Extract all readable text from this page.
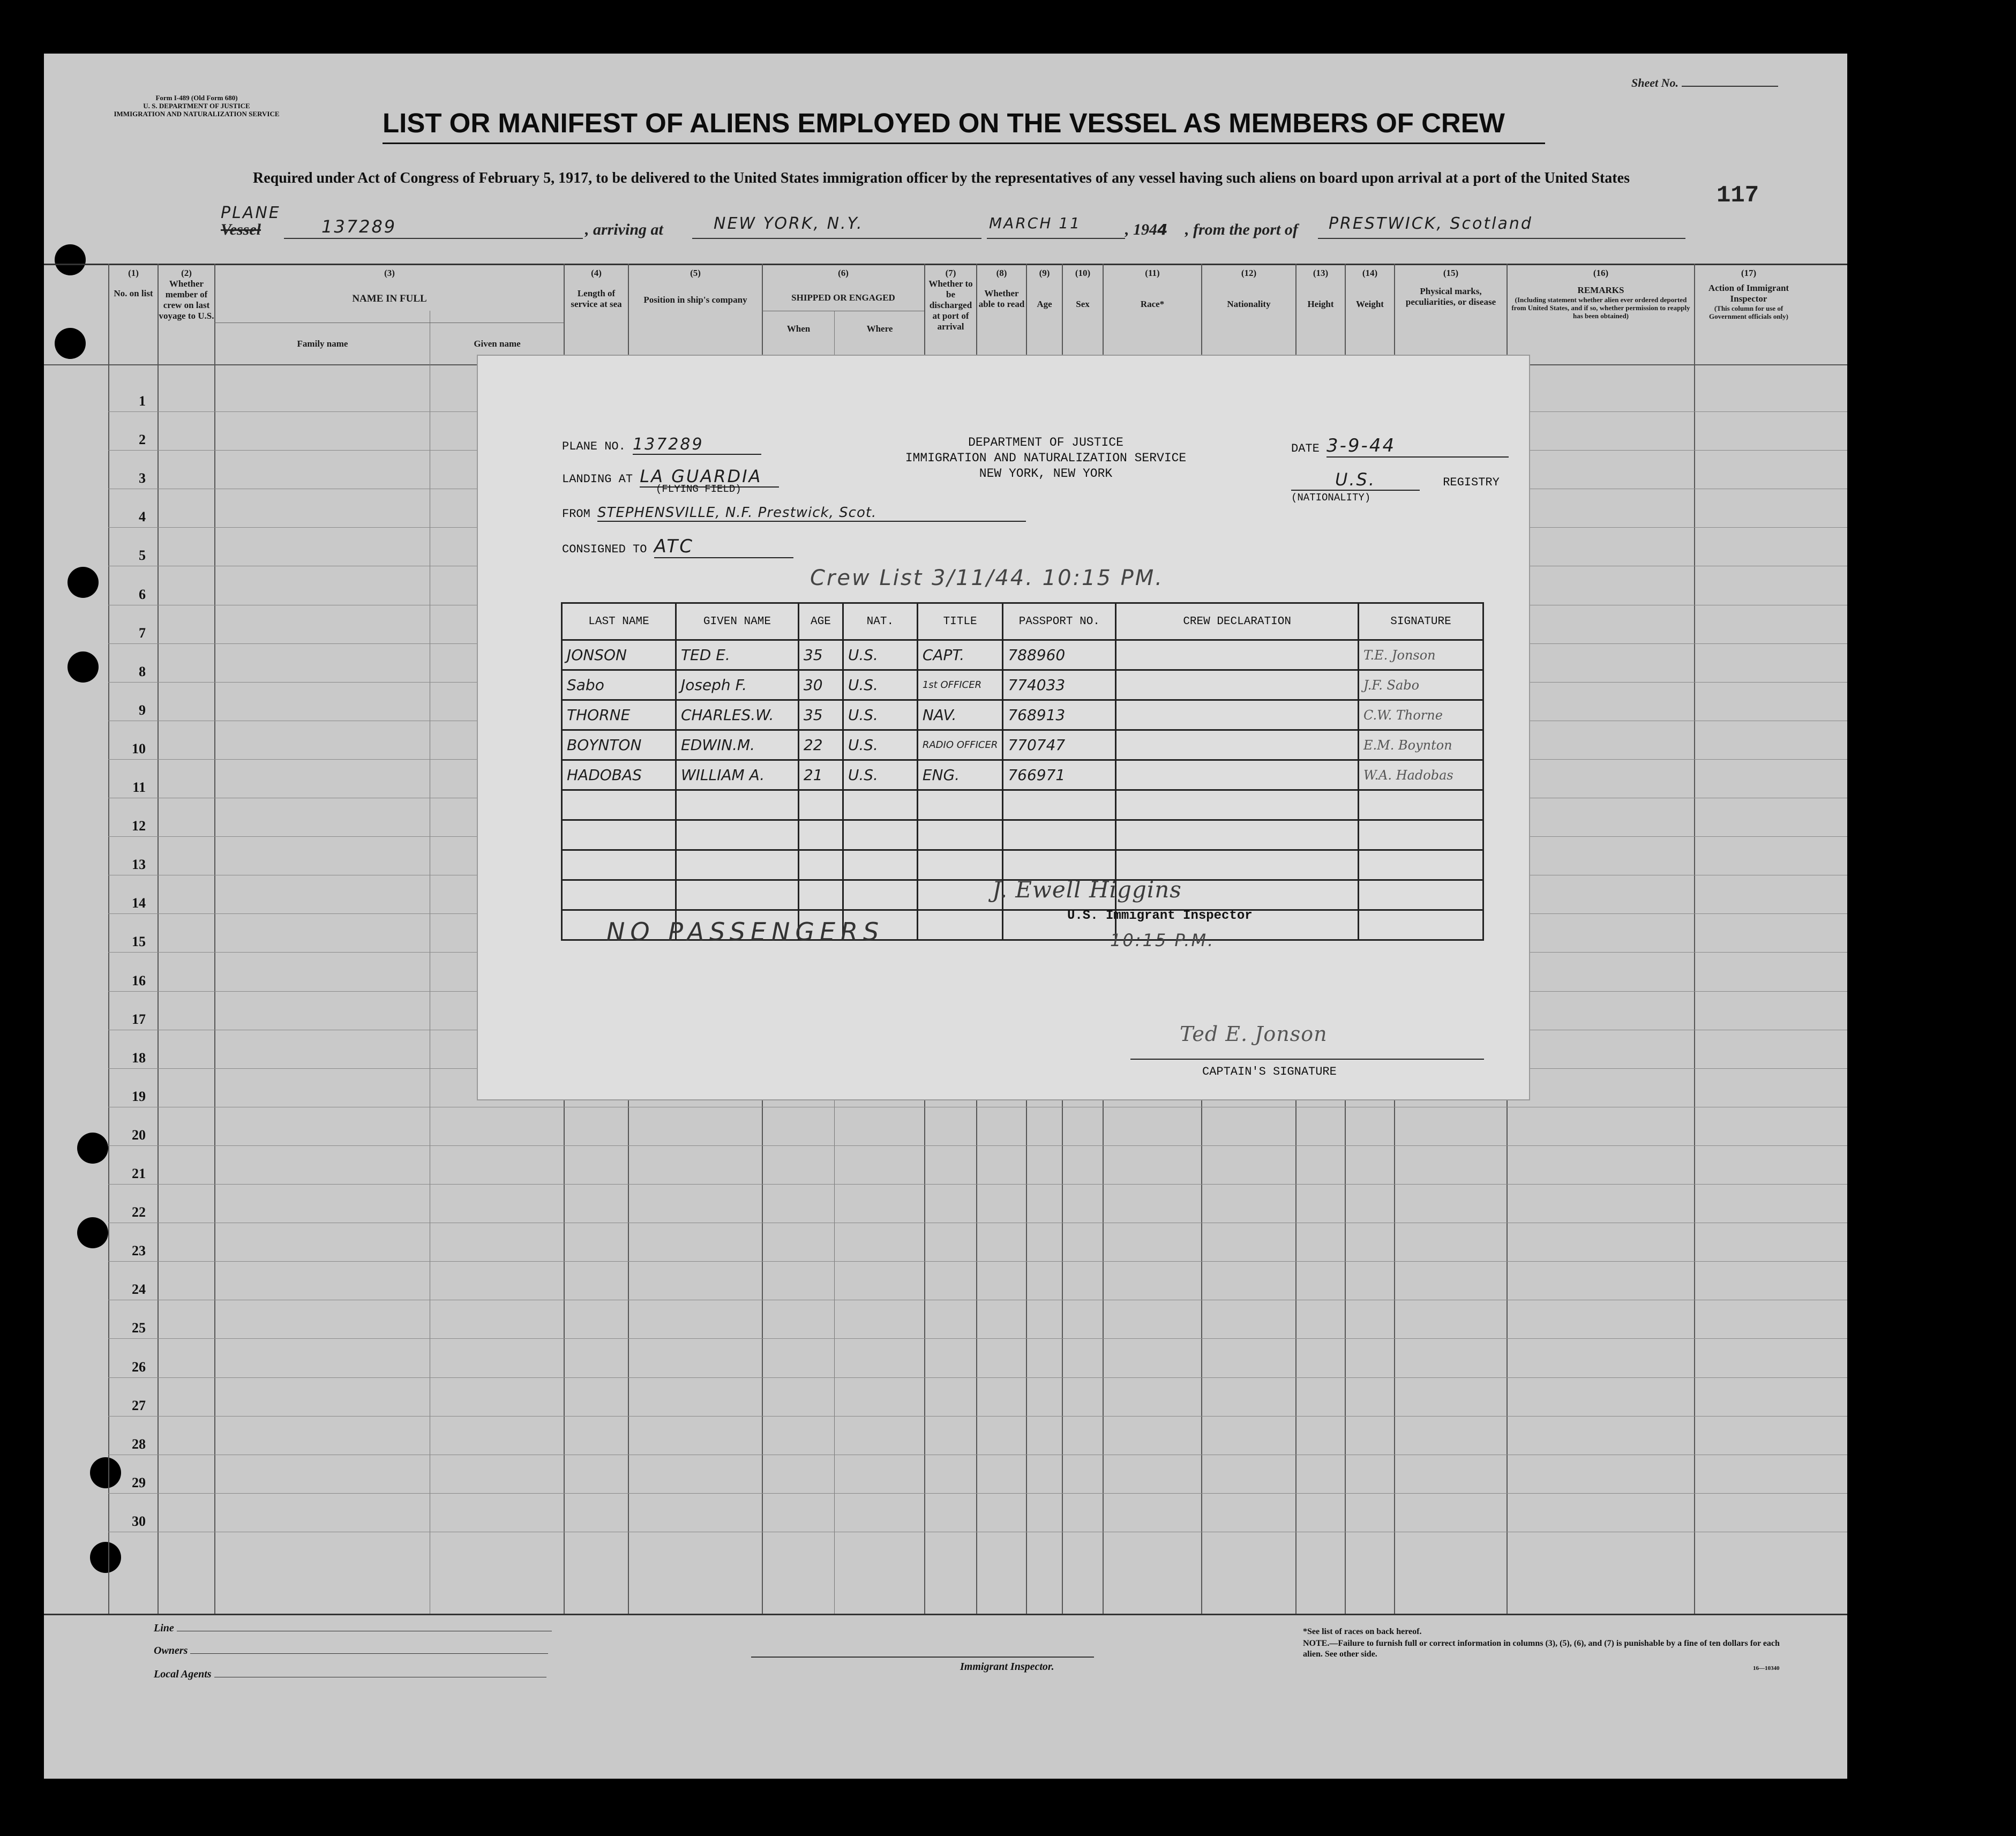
Form I-489 (Old Form 680)
U. S. DEPARTMENT OF JUSTICE
IMMIGRATION AND NATURALIZATION SERVICE
Sheet No.
LIST OR MANIFEST OF ALIENS EMPLOYED ON THE VESSEL AS MEMBERS OF CREW
Required under Act of Congress of February 5, 1917, to be delivered to the United States immigration officer by the representatives of any vessel having such aliens on board upon arrival at a port of the United States
117
PLANE
Vessel	137289	, arriving at	NEW YORK, N.Y.	MARCH 11	, 1944 , from the port of	PRESTWICK, Scotland
(1)
No. on list
(2)
Whether member of crew on last voyage to U.S.
(3)
NAME IN FULL
Family name	Given name
(4)
Length of service at sea
(5)
Position in ship's company
(6)
SHIPPED OR ENGAGED
When	Where
(7)
Whether to be discharged at port of arrival
(8)
Whether able to read
(9)
Age
(10)
Sex
(11)
Race*
(12)
Nationality
(13)
Height
(14)
Weight
(15)
Physical marks, peculiarities, or disease
(16)
REMARKS
(Including statement whether alien ever ordered deported from United States, and if so, whether permission to reapply has been obtained)
(17)
Action of Immigrant Inspector
(This column for use of Government officials only)
1
2
3
4
5
6
7
8
9
10
11
12
13
14
15
16
17
18
19
20
21
22
23
24
25
26
27
28
29
30
Line
Owners
Local Agents
Immigrant Inspector.
*See list of races on back hereof.
NOTE.—Failure to furnish full or correct information in columns (3), (5), (6), and (7) is punishable by a fine of ten dollars for each alien. See other side.
16—10340
PLANE NO. 137289
LANDING AT LA GUARDIA
(FLYING FIELD)
FROM STEPHENSVILLE, N.F. Prestwick, Scot.
CONSIGNED TO ATC
DEPARTMENT OF JUSTICE
IMMIGRATION AND NATURALIZATION SERVICE
NEW YORK, NEW YORK
DATE 3-9-44
U.S.	REGISTRY
(NATIONALITY)
Crew List 3/11/44. 10:15 PM.
LAST NAME	GIVEN NAME	AGE	NAT.	TITLE	PASSPORT NO.	CREW DECLARATION	SIGNATURE
JONSON	TED E.	35	U.S.	CAPT.	788960		T.E. Jonson
Sabo	Joseph F.	30	U.S.	1st OFFICER	774033		J.F. Sabo
THORNE	CHARLES.W.	35	U.S.	NAV.	768913		C.W. Thorne
BOYNTON	EDWIN.M.	22	U.S.	RADIO OFFICER	770747		E.M. Boynton
HADOBAS	WILLIAM A.	21	U.S.	ENG.	766971		W.A. Hadobas

NO PASSENGERS
J. Ewell Higgins
U.S. Immigrant Inspector
10:15 P.M.
Ted E. Jonson
CAPTAIN'S SIGNATURE
